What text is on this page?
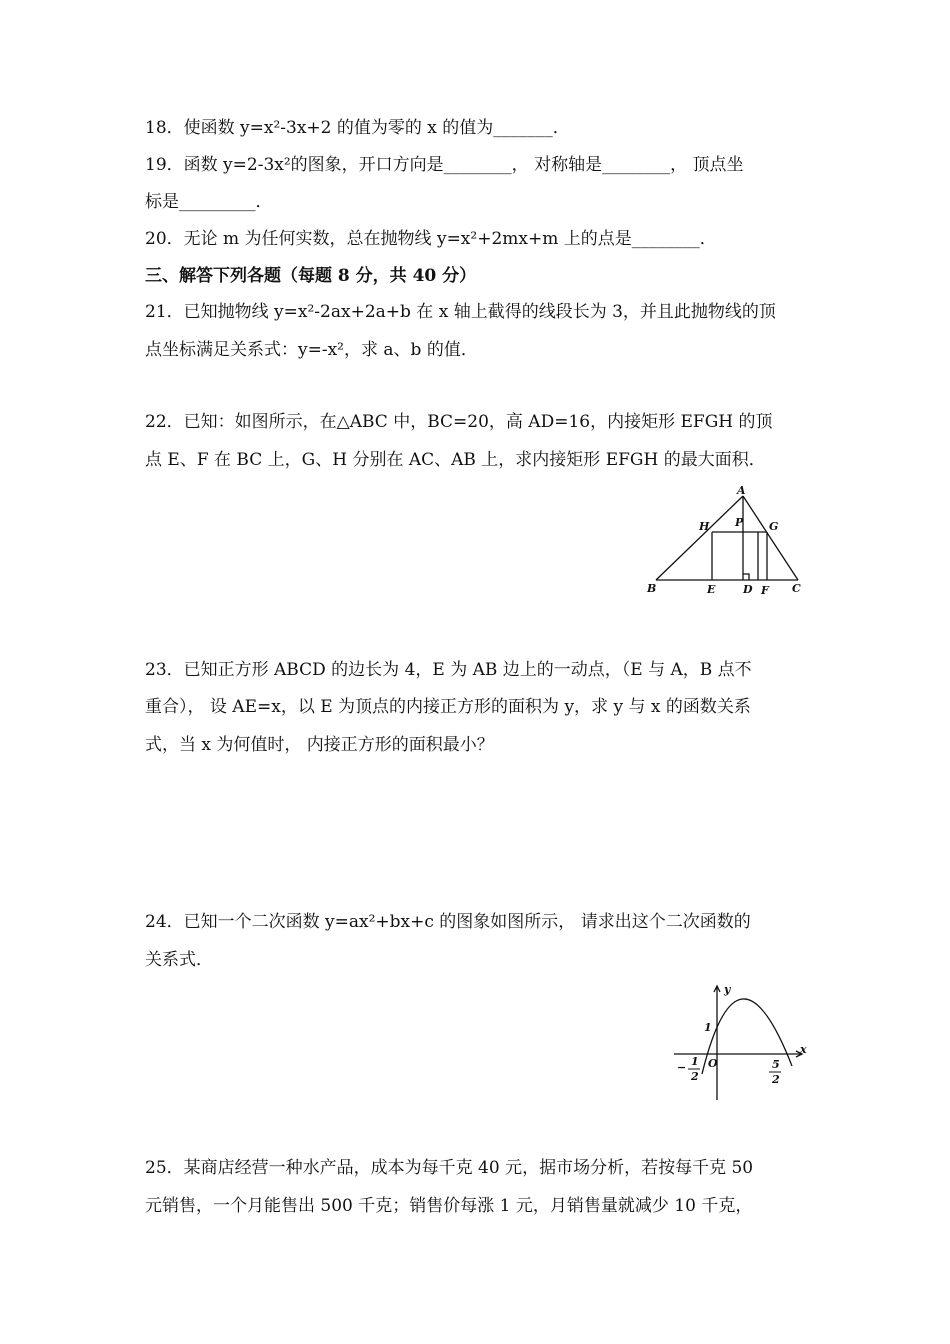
18．使函数 y=x²-3x+2 的值为零的 x 的值为_______．
19．函数 y=2-3x²的图象，开口方向是________， 对称轴是________， 顶点坐
标是_________．
20．无论 m 为任何实数，总在抛物线 y=x²+2mx+m 上的点是________．
三、解答下列各题（每题 8 分，共 40 分）
21．已知抛物线 y=x²-2ax+2a+b 在 x 轴上截得的线段长为 3，并且此抛物线的顶
点坐标满足关系式：y=-x²，求 a、b 的值．
22．已知：如图所示，在△ABC 中，BC=20，高 AD=16，内接矩形 EFGH 的顶
点 E、F 在 BC 上，G、H 分别在 AC、AB 上，求内接矩形 EFGH 的最大面积．
A
B	C
D
E	F
G
H P
23．已知正方形 ABCD 的边长为 4，E 为 AB 边上的一动点，（E 与 A，B 点不
重合）， 设 AE=x，以 E 为顶点的内接正方形的面积为 y，求 y 与 x 的函数关系
式，当 x 为何值时， 内接正方形的面积最小？
24．已知一个二次函数 y=ax²+bx+c 的图象如图所示， 请求出这个二次函数的
关系式．
y
x
O
1
− 1
2
5
2
25．某商店经营一种水产品，成本为每千克 40 元，据市场分析，若按每千克 50
元销售，一个月能售出 500 千克；销售价每涨 1 元，月销售量就减少 10 千克，
